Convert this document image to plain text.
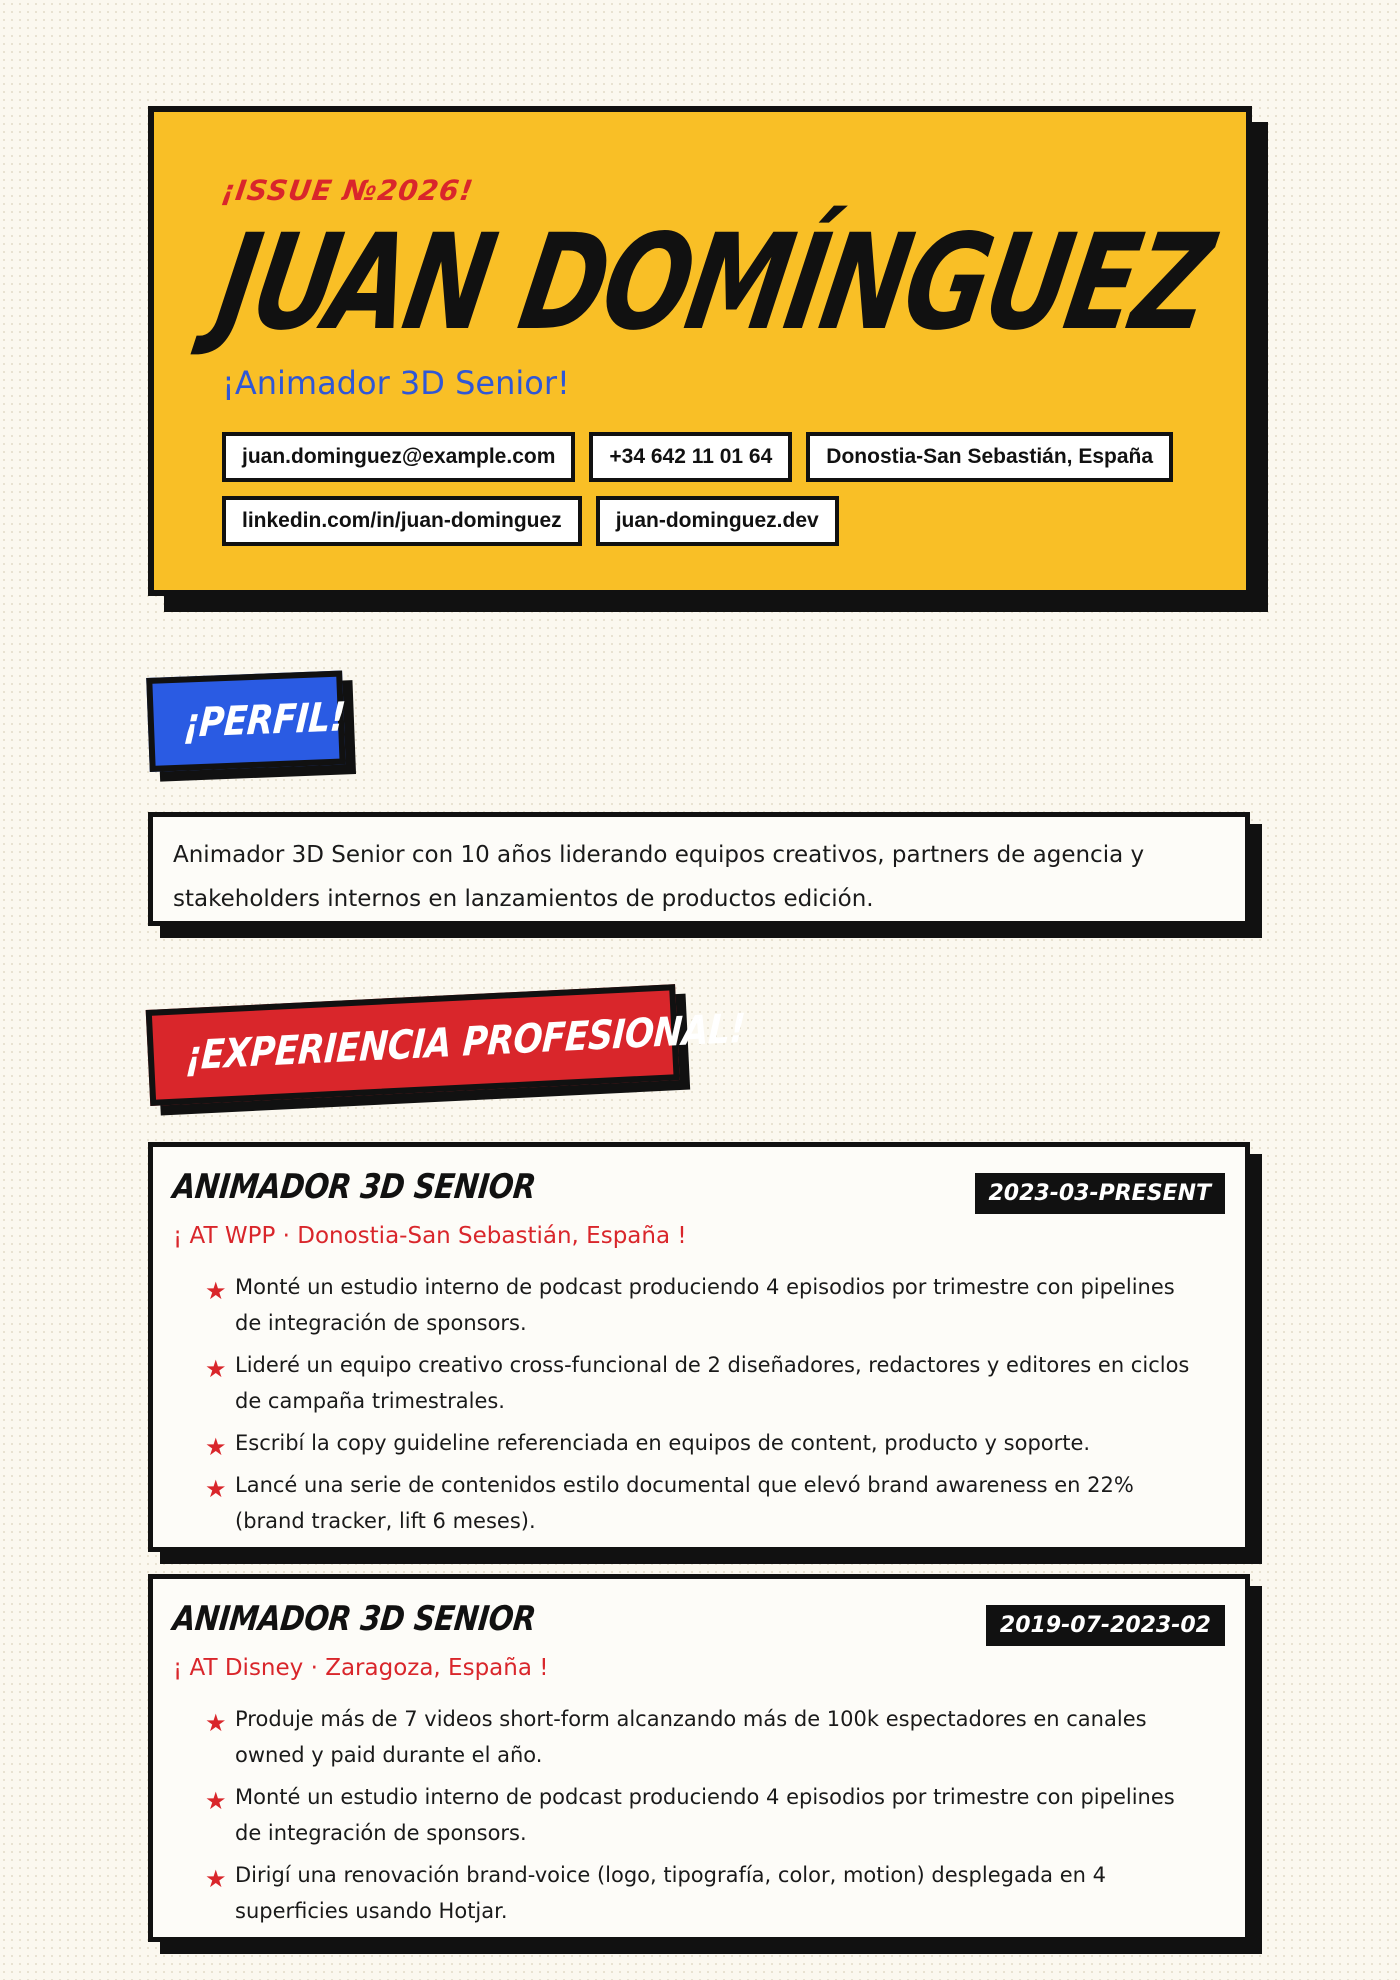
¡ISSUE №2026!
JUAN DOMÍNGUEZ
¡Animador 3D Senior!
juan.dominguez@example.com	+34 642 11 01 64	Donostia-San Sebastián, España
linkedin.com/in/juan-dominguez	juan-dominguez.dev
¡PERFIL!

Animador 3D Senior con 10 años liderando equipos creativos, partners de agencia y stakeholders internos en lanzamientos de productos edición.

¡EXPERIENCIA PROFESIONAL!
ANIMADOR 3D SENIOR	2023-03-PRESENT
¡ AT WPP · Donostia-San Sebastián, España !
★ Monté un estudio interno de podcast produciendo 4 episodios por trimestre con pipelines de integración de sponsors.
★ Lideré un equipo creativo cross-funcional de 2 diseñadores, redactores y editores en ciclos de campaña trimestrales.
★ Escribí la copy guideline referenciada en equipos de content, producto y soporte.
★ Lancé una serie de contenidos estilo documental que elevó brand awareness en 22% (brand tracker, lift 6 meses).
ANIMADOR 3D SENIOR	2019-07-2023-02
¡ AT Disney · Zaragoza, España !
★ Produje más de 7 videos short-form alcanzando más de 100k espectadores en canales owned y paid durante el año.
★ Monté un estudio interno de podcast produciendo 4 episodios por trimestre con pipelines de integración de sponsors.
★ Dirigí una renovación brand-voice (logo, tipografía, color, motion) desplegada en 4 superficies usando Hotjar.
